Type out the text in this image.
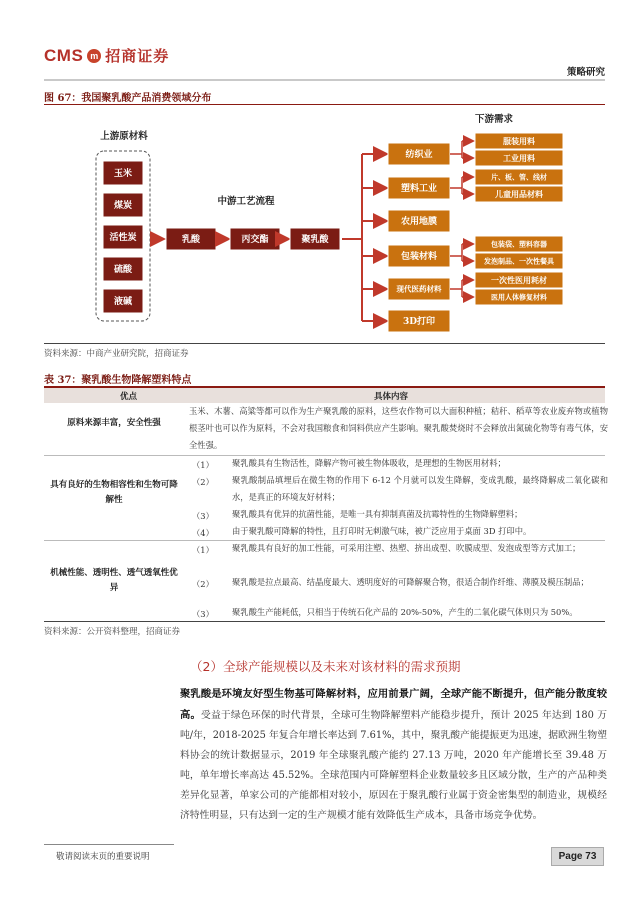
CMS m 招商证券
策略研究
图 67：我国聚乳酸产品消费领域分布
上游原材料
玉米
煤炭
活性炭
硫酸
液碱
中游工艺流程
乳酸	丙交酯	聚乳酸
下游需求
纺织业
塑料工业
农用地膜
包装材料
现代医药材料
3D打印
服装用料
工业用料
片、板、管、线材
儿童用品材料
包装袋、塑料容器
发泡制品、一次性餐具
一次性医用耗材
医用人体修复材料
资料来源：中商产业研究院，招商证券
表 37：聚乳酸生物降解塑料特点
优点	具体内容
原料来源丰富，安全性强
玉米、木薯、高粱等都可以作为生产聚乳酸的原料，这些农作物可以大面积种植；秸秆、稻草等农业废弃物或植物根茎叶也可以作为原料，不会对我国粮食和饲料供应产生影响。聚乳酸焚烧时不会释放出氮硫化物等有毒气体，安全性强。
具有良好的生物相容性和生物可降解性
（1） 聚乳酸具有生物活性，降解产物可被生物体吸收，是理想的生物医用材料；
（2） 聚乳酸制品填埋后在微生物的作用下 6-12 个月就可以发生降解，变成乳酸，最终降解成二氧化碳和水，是真正的环境友好材料；
（3） 聚乳酸具有优异的抗菌性能，是唯一具有抑制真菌及抗霉特性的生物降解塑料；
（4） 由于聚乳酸可降解的特性，且打印时无刺激气味，被广泛应用于桌面 3D 打印中。
机械性能、透明性、透气透氧性优异
（1） 聚乳酸具有良好的加工性能，可采用注塑、热塑、挤出成型、吹膜成型、发泡成型等方式加工；
（2） 聚乳酸是拉点最高、结晶度最大、透明度好的可降解聚合物，很适合制作纤维、薄膜及模压制品；
（3） 聚乳酸生产能耗低，只相当于传统石化产品的 20%-50%，产生的二氧化碳气体则只为 50%。
资料来源：公开资料整理，招商证券
（2）全球产能规模以及未来对该材料的需求预期
聚乳酸是环境友好型生物基可降解材料，应用前景广阔，全球产能不断提升，但产能分散度较高。受益于绿色环保的时代背景，全球可生物降解塑料产能稳步提升，预计 2025 年达到 180 万吨/年，2018-2025 年复合年增长率达到 7.61%，其中，聚乳酸产能提振更为迅速，据欧洲生物塑料协会的统计数据显示，2019 年全球聚乳酸产能约 27.13 万吨，2020 年产能增长至 39.48 万吨，单年增长率高达 45.52%。全球范围内可降解塑料企业数量较多且区域分散，生产的产品种类差异化显著，单家公司的产能都相对较小，原因在于聚乳酸行业属于资金密集型的制造业，规模经济特性明显，只有达到一定的生产规模才能有效降低生产成本，具备市场竞争优势。
敬请阅读末页的重要说明	Page 73
